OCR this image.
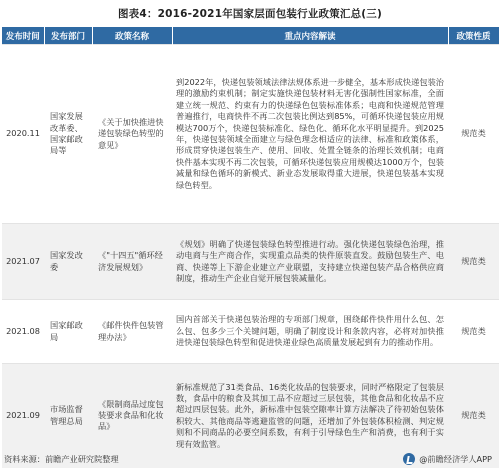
图表4：2016-2021年国家层面包装行业政策汇总(三)
发布时间	发布部门	政策名称	重点内容解读	政策性质
2020.11	国家发展改革委、国家邮政局等	《关于加快推进快递包装绿色转型的意见》	到2022年，快递包装领域法律法规体系进一步健全，基本形成快递包装治理的激励约束机制；制定实施快递包装材料无害化强制性国家标准，全面建立统一规范、约束有力的快递绿色包装标准体系；电商和快递规范管理普遍推行，电商快件不再二次包装比例达到85%，可循环快递包装应用规模达700万个，快递包装标准化、绿色化、循环化水平明显提升。到2025年，快递包装领域全面建立与绿色理念相适应的法律、标准和政策体系，形成贯穿快递包装生产、使用、回收、处置全链条的治理长效机制；电商快件基本实现不再二次包装，可循环快递包装应用规模达1000万个，包装减量和绿色循环的新模式、新业态发展取得重大进展，快递包装基本实现绿色转型。	规范类
2021.07	国家发改委	《"十四五"循环经济发展规划》	《规划》明确了快递包装绿色转型推进行动。强化快递包装绿色治理，推动电商与生产商合作，实现重点品类的快件原装直发。鼓励包装生产、电商、快递等上下游企业建立产业联盟，支持建立快递包装产品合格供应商制度，推动生产企业自觉开展包装减量化。	规范类
2021.08	国家邮政局	《邮件快件包装管理办法》	国内首部关于快递包装治理的专项部门规章，围绕邮件快件用什么包、怎么包、包多少三个关键问题，明确了制度设计和条款内容，必将对加快推进快递包装绿色转型和促进快递业绿色高质量发展起到有力的推动作用。	规范类
2021.09	市场监督管理总局	《限制商品过度包装要求食品和化妆品》	新标准规范了31类食品、16类化妆品的包装要求，同时严格限定了包装层数，食品中的粮食及其加工品不应超过三层包装，其他食品和化妆品不应超过四层包装。此外，新标准中包装空隙率计算方法解决了待初始包装体积较大、其他商品等逃避监管的问题，还增加了外包装体积检测、判定规则和不同商品的必要空间系数，有利于引导绿色生产和消费，也有利于实现有效监管。	规范类
资料来源：前瞻产业研究院整理	@前瞻经济学人APP
